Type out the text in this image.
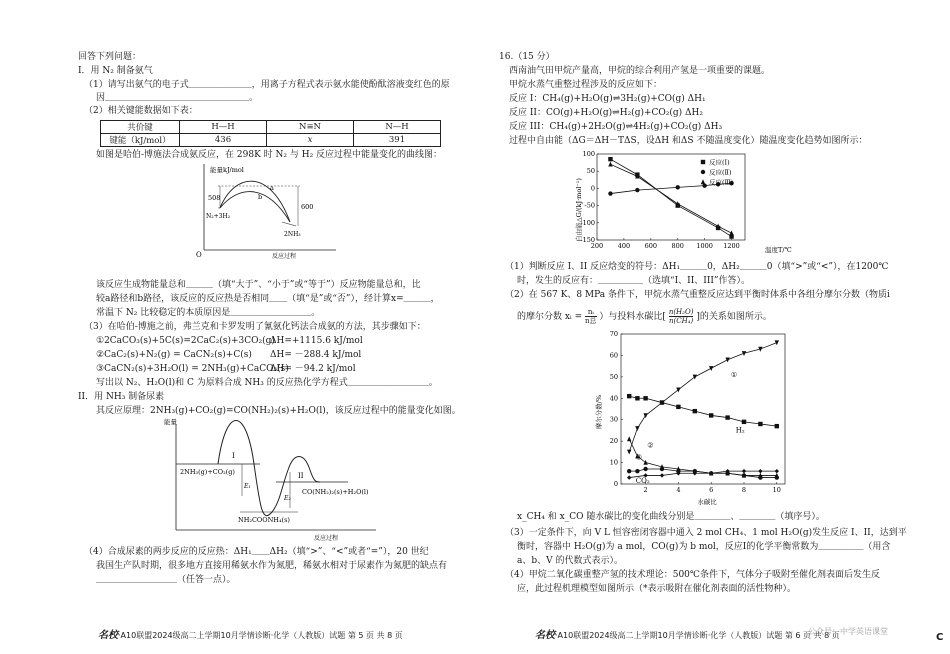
回答下列问题：
I．用 N₂ 制备氨气
（1）请写出氨气的电子式＿＿＿＿＿＿＿，用离子方程式表示氨水能使酚酞溶液变红色的原
因＿＿＿＿＿＿＿＿＿＿＿＿＿＿＿＿。
（2）相关键能数据如下表：
共价键	H—H	N≡N	N—H
键能（kJ/mol）	436	x	391
如图是哈伯-博施法合成氨反应，在 298K 时 N₂ 与 H₂ 反应过程中能量变化的曲线图：
能量kJ/mol
反应过程
O
508
600
a
b
N₂+3H₂
2NH₃
该反应生成物能量总和＿＿＿（填“大于”、“小于”或“等于”）反应物能量总和，比
较a路径和b路径，该反应的反应热是否相同＿＿（填“是”或“否”），经计算x=＿＿＿，
常温下 N₂ 比较稳定的本质原因是＿＿＿＿＿＿＿＿＿。
（3）在哈伯-博施之前，弗兰克和卡罗发明了氰氨化钙法合成氨的方法，其步骤如下：
①2CaCO₃(s)+5C(s)=2CaC₂(s)+3CO₂(g)
ΔH=+1115.6 kJ/mol
②CaC₂(s)+N₂(g) = CaCN₂(s)+C(s) ΔH= －288.4 kJ/mol
③CaCN₂(s)+3H₂O(l) = 2NH₃(g)+CaCO₃(s)
ΔH= －94.2 kJ/mol
写出以 N₂、H₂O(l)和 C 为原料合成 NH₃ 的反应热化学方程式＿＿＿＿＿＿＿＿＿。
II．用 NH₃ 制备尿素
其反应原理：2NH₃(g)+CO₂(g)=CO(NH₂)₂(s)+H₂O(l)，该反应过程中的能量变化如图。
能量
反应过程
I
II
E₁
E₂
2NH₃(g)+CO₂(g)
NH₂COONH₄(s)
CO(NH₂)₂(s)+H₂O(l)
（4）合成尿素的两步反应的反应热：ΔH₁＿＿ΔH₂（填“>”、“<”或者“=”），20 世纪
我国生产队时期，很多地方直接用稀氨水作为氮肥，稀氨水相对于尿素作为氮肥的缺点有
＿＿＿＿＿＿＿＿＿（任答一点）。
名校·A10联盟2024级高二上学期10月学情诊断·化学（人教版）试题 第 5 页 共 8 页
16.（15 分）
西南油气田甲烷产量高，甲烷的综合利用产氢是一项重要的课题。
甲烷水蒸气重整过程涉及的反应如下：
反应 I：CH₄(g)+H₂O(g)⇌3H₂(g)+CO(g) ΔH₁
反应 II：CO(g)+H₂O(g)⇌H₂(g)+CO₂(g) ΔH₂
反应 III：CH₄(g)+2H₂O(g)⇌4H₂(g)+CO₂(g) ΔH₃
过程中自由能（ΔG＝ΔH－TΔS，设ΔH 和ΔS 不随温度变化）随温度变化趋势如图所示：
自由能△G/(kJ·mol⁻¹)
温度T/℃
200 400 600 800 1000 1200
-150
-100
-50
0
50
100
反应(Ⅰ)
反应(Ⅱ)
反应(Ⅲ)
（1）判断反应 I、II 反应焓变的符号：ΔH₁＿＿＿0，ΔH₂＿＿＿0（填“>”或“<”），在1200℃
时，发生的反应有：＿＿＿＿＿（选填“I、II、III”作答）。
（2）在 567 K、8 MPa 条件下，甲烷水蒸气重整反应达到平衡时体系中各组分摩尔分数（物质i
的摩尔分数 xᵢ = nᵢ
n总 ）与投料水碳比[ $\frac{\text{n(H₂O)}}{\text{n(CH₄)}}$ ]的关系如图所示。
摩尔分数/%
水碳比
2	4	6	8	10
0
10
20
30
40
50
60
70
①
②
③
H₂
CO₂
x_CH₄ 和 x_CO 随水碳比的变化曲线分别是＿＿＿＿、＿＿＿＿（填序号）。
（3）一定条件下，向 V L 恒容密闭容器中通入 2 mol CH₄、1 mol H₂O(g)发生反应 I、II，达到平
衡时，容器中 H₂O(g)为 a mol，CO(g)为 b mol，反应I的化学平衡常数为＿＿＿＿＿（用含
a、b、V 的代数式表示）。
（4）甲烷二氧化碳重整产氢的技术理论：500℃条件下，气体分子吸附至催化剂表面后发生反
应，此过程机理模型如图所示（*表示吸附在催化剂表面的活性物种）。
名校·A10联盟2024级高二上学期10月学情诊断·化学（人教版）试题 第 6 页 共 8 页
公众号：中学英语课堂
C
